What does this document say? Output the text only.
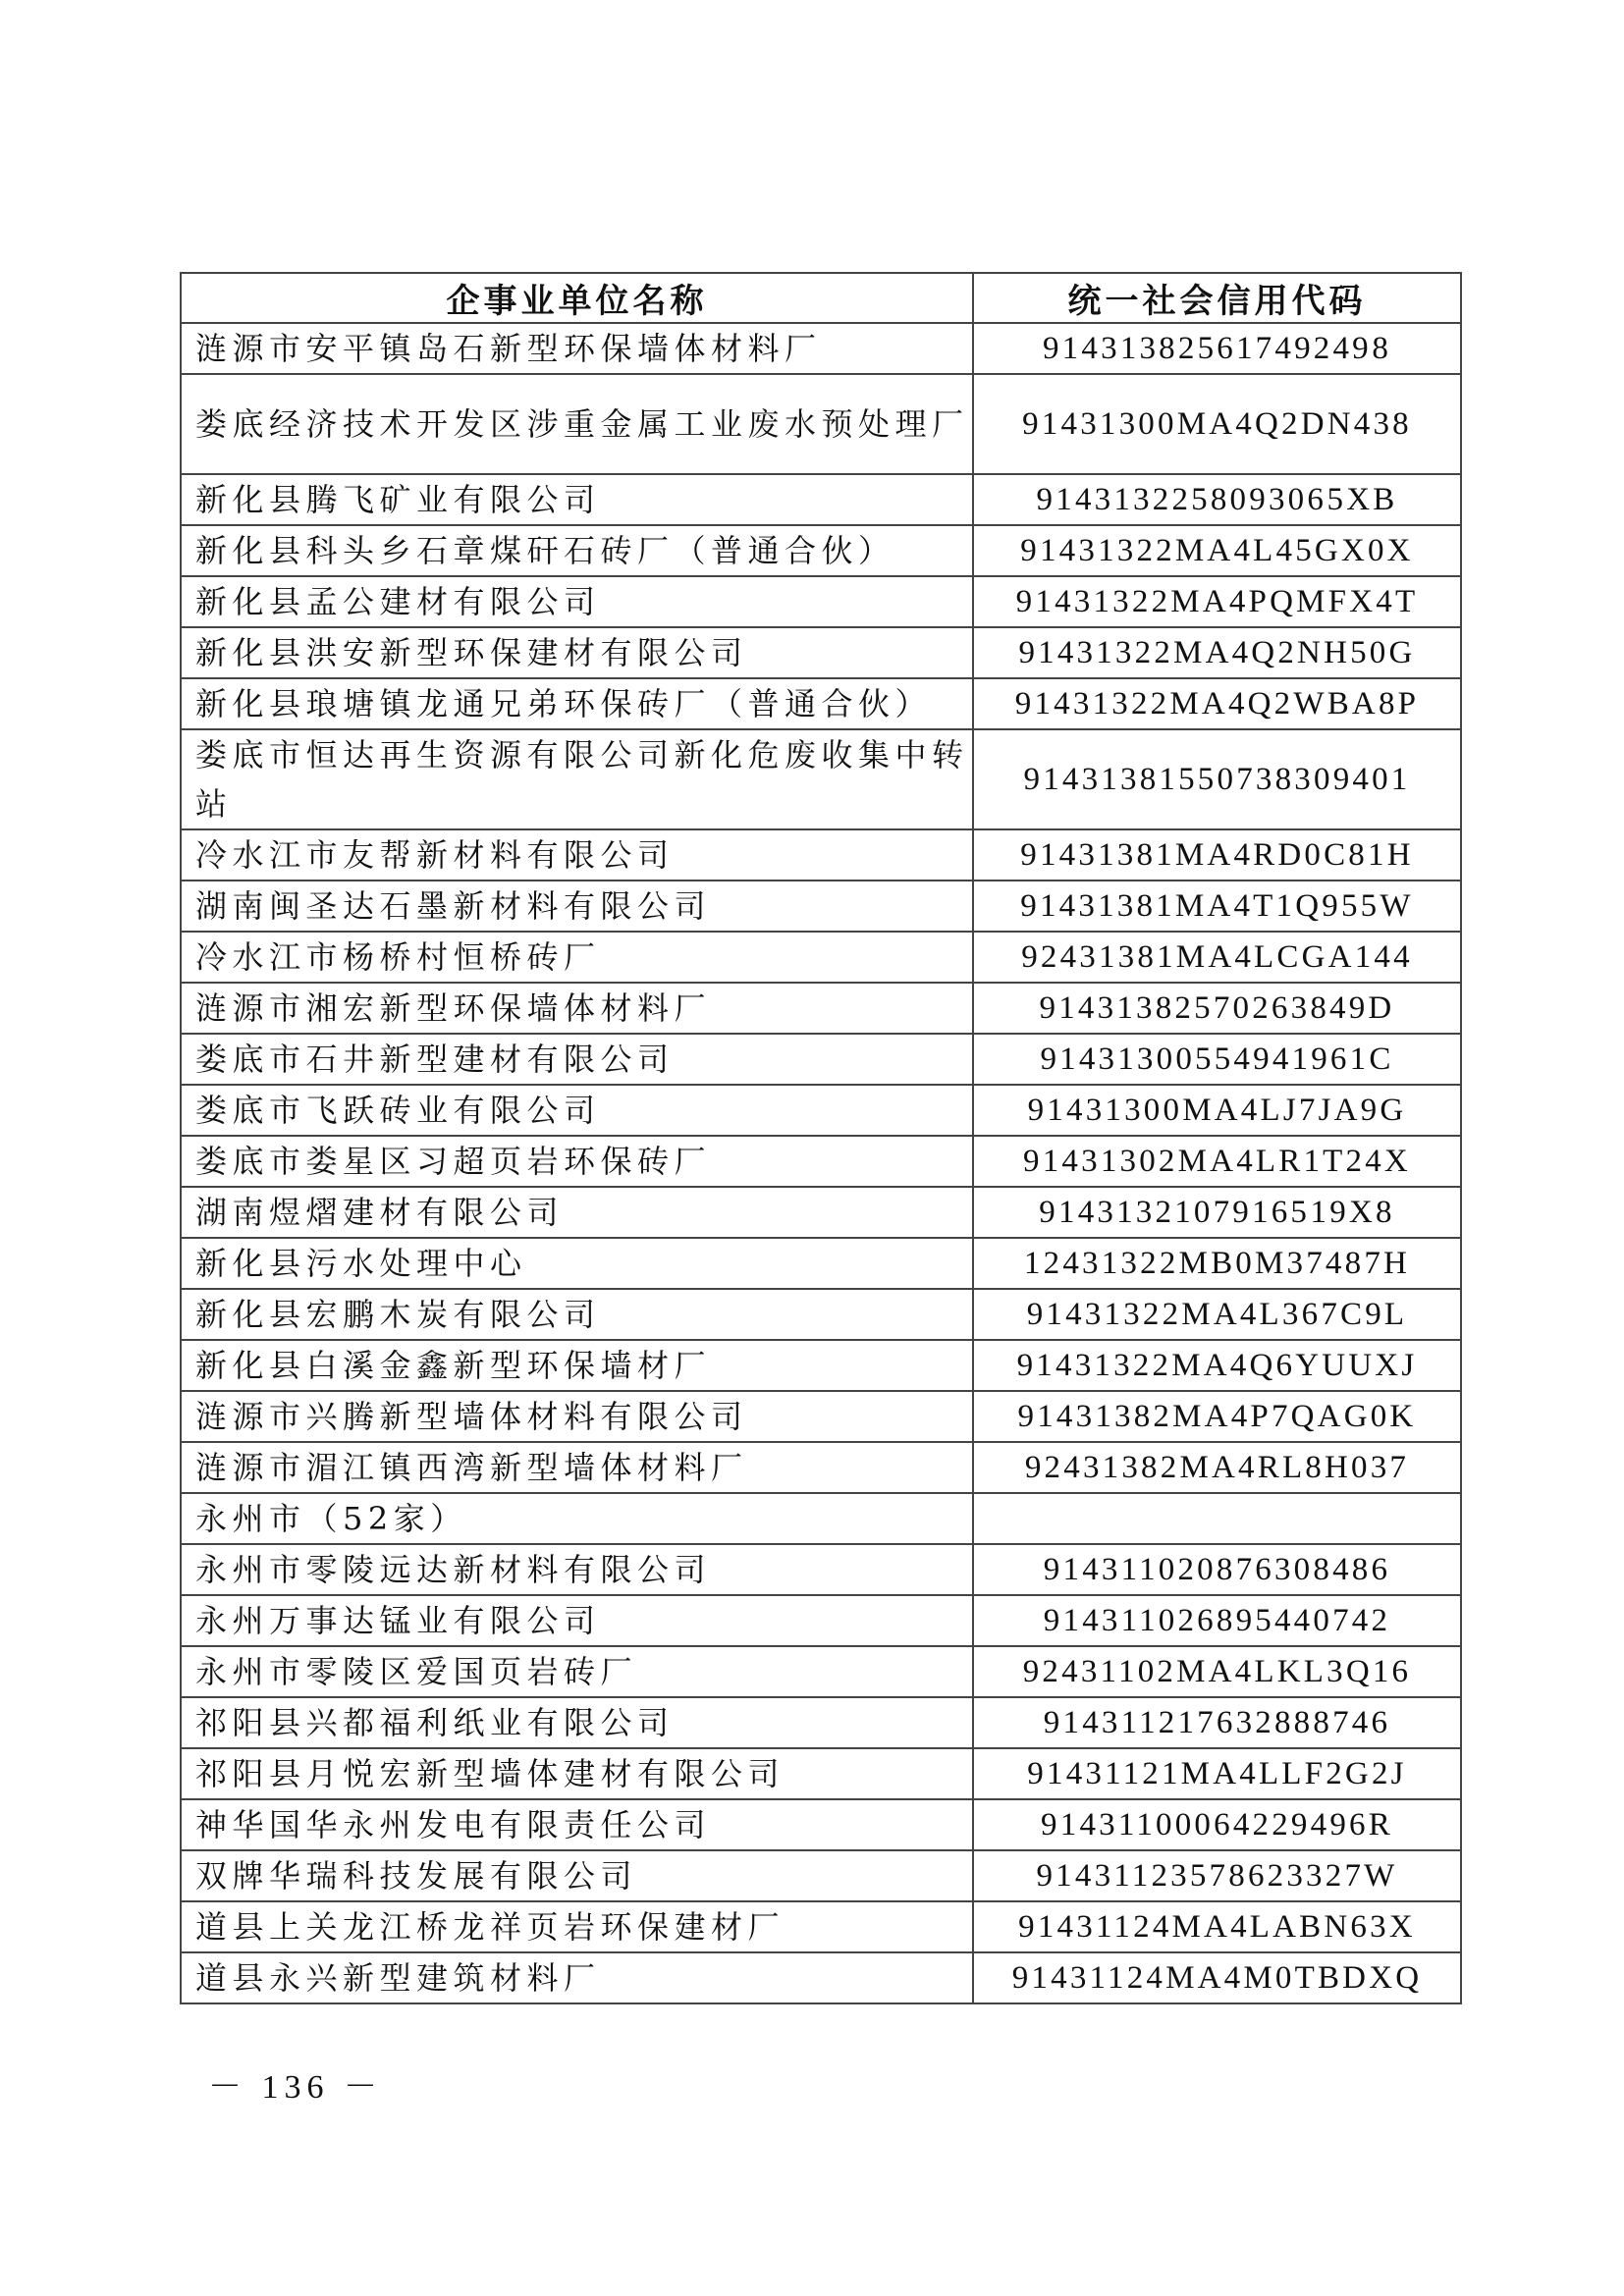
企事业单位名称	统一社会信用代码
涟源市安平镇岛石新型环保墙体材料厂	91431382561749249 8
娄底经济技术开发区涉重金属工业废水预处理厂	91431300MA4Q2DN438
新化县腾飞矿业有限公司	914313225809306 5XB
新化县科头乡石章煤矸石砖厂（普通合伙）	91431322MA4L45GX0X
新化县孟公建材有限公司	91431322MA4PQMFX4T
新化县洪安新型环保建材有限公司	91431322MA4Q2NH50G
新化县琅塘镇龙通兄弟环保砖厂（普通合伙）	91431322MA4Q2WBA8P
娄底市恒达再生资源有限公司新化危废收集中转站	91431381550738309401
冷水江市友帮新材料有限公司	91431381MA4RD0C81H
湖南闽圣达石墨新材料有限公司	91431381MA4T1Q955W
冷水江市杨桥村恒桥砖厂	92431381MA4LCGA144
涟源市湘宏新型环保墙体材料厂	91431382570263849D
娄底市石井新型建材有限公司	91431300554941961C
娄底市飞跃砖业有限公司	91431300MA4LJ7JA9G
娄底市娄星区习超页岩环保砖厂	91431302MA4LR1T24X
湖南煜熠建材有限公司	91431321079165 19X8
新化县污水处理中心	12431322MB0M37487H
新化县宏鹏木炭有限公司	91431322MA4L367C9L
新化县白溪金鑫新型环保墙材厂	91431322MA4Q6YUUXJ
涟源市兴腾新型墙体材料有限公司	91431382MA4P7QAG0K
涟源市湄江镇西湾新型墙体材料厂	92431382MA4RL8H037
永州市（52家）	
永州市零陵远达新材料有限公司	914311020876308486
永州万事达锰业有限公司	914311026895440742
永州市零陵区爱国页岩砖厂	92431102MA4LKL3Q16
祁阳县兴都福利纸业有限公司	914311217632888746
祁阳县月悦宏新型墙体建材有限公司	91431121MA4LLF2G2J
神华国华永州发电有限责任公司	91431100064229496R
双牌华瑞科技发展有限公司	91431123578623327W
道县上关龙江桥龙祥页岩环保建材厂	91431124MA4LABN63X
道县永兴新型建筑材料厂	91431124MA4M0TBDXQ
－ 136 －
